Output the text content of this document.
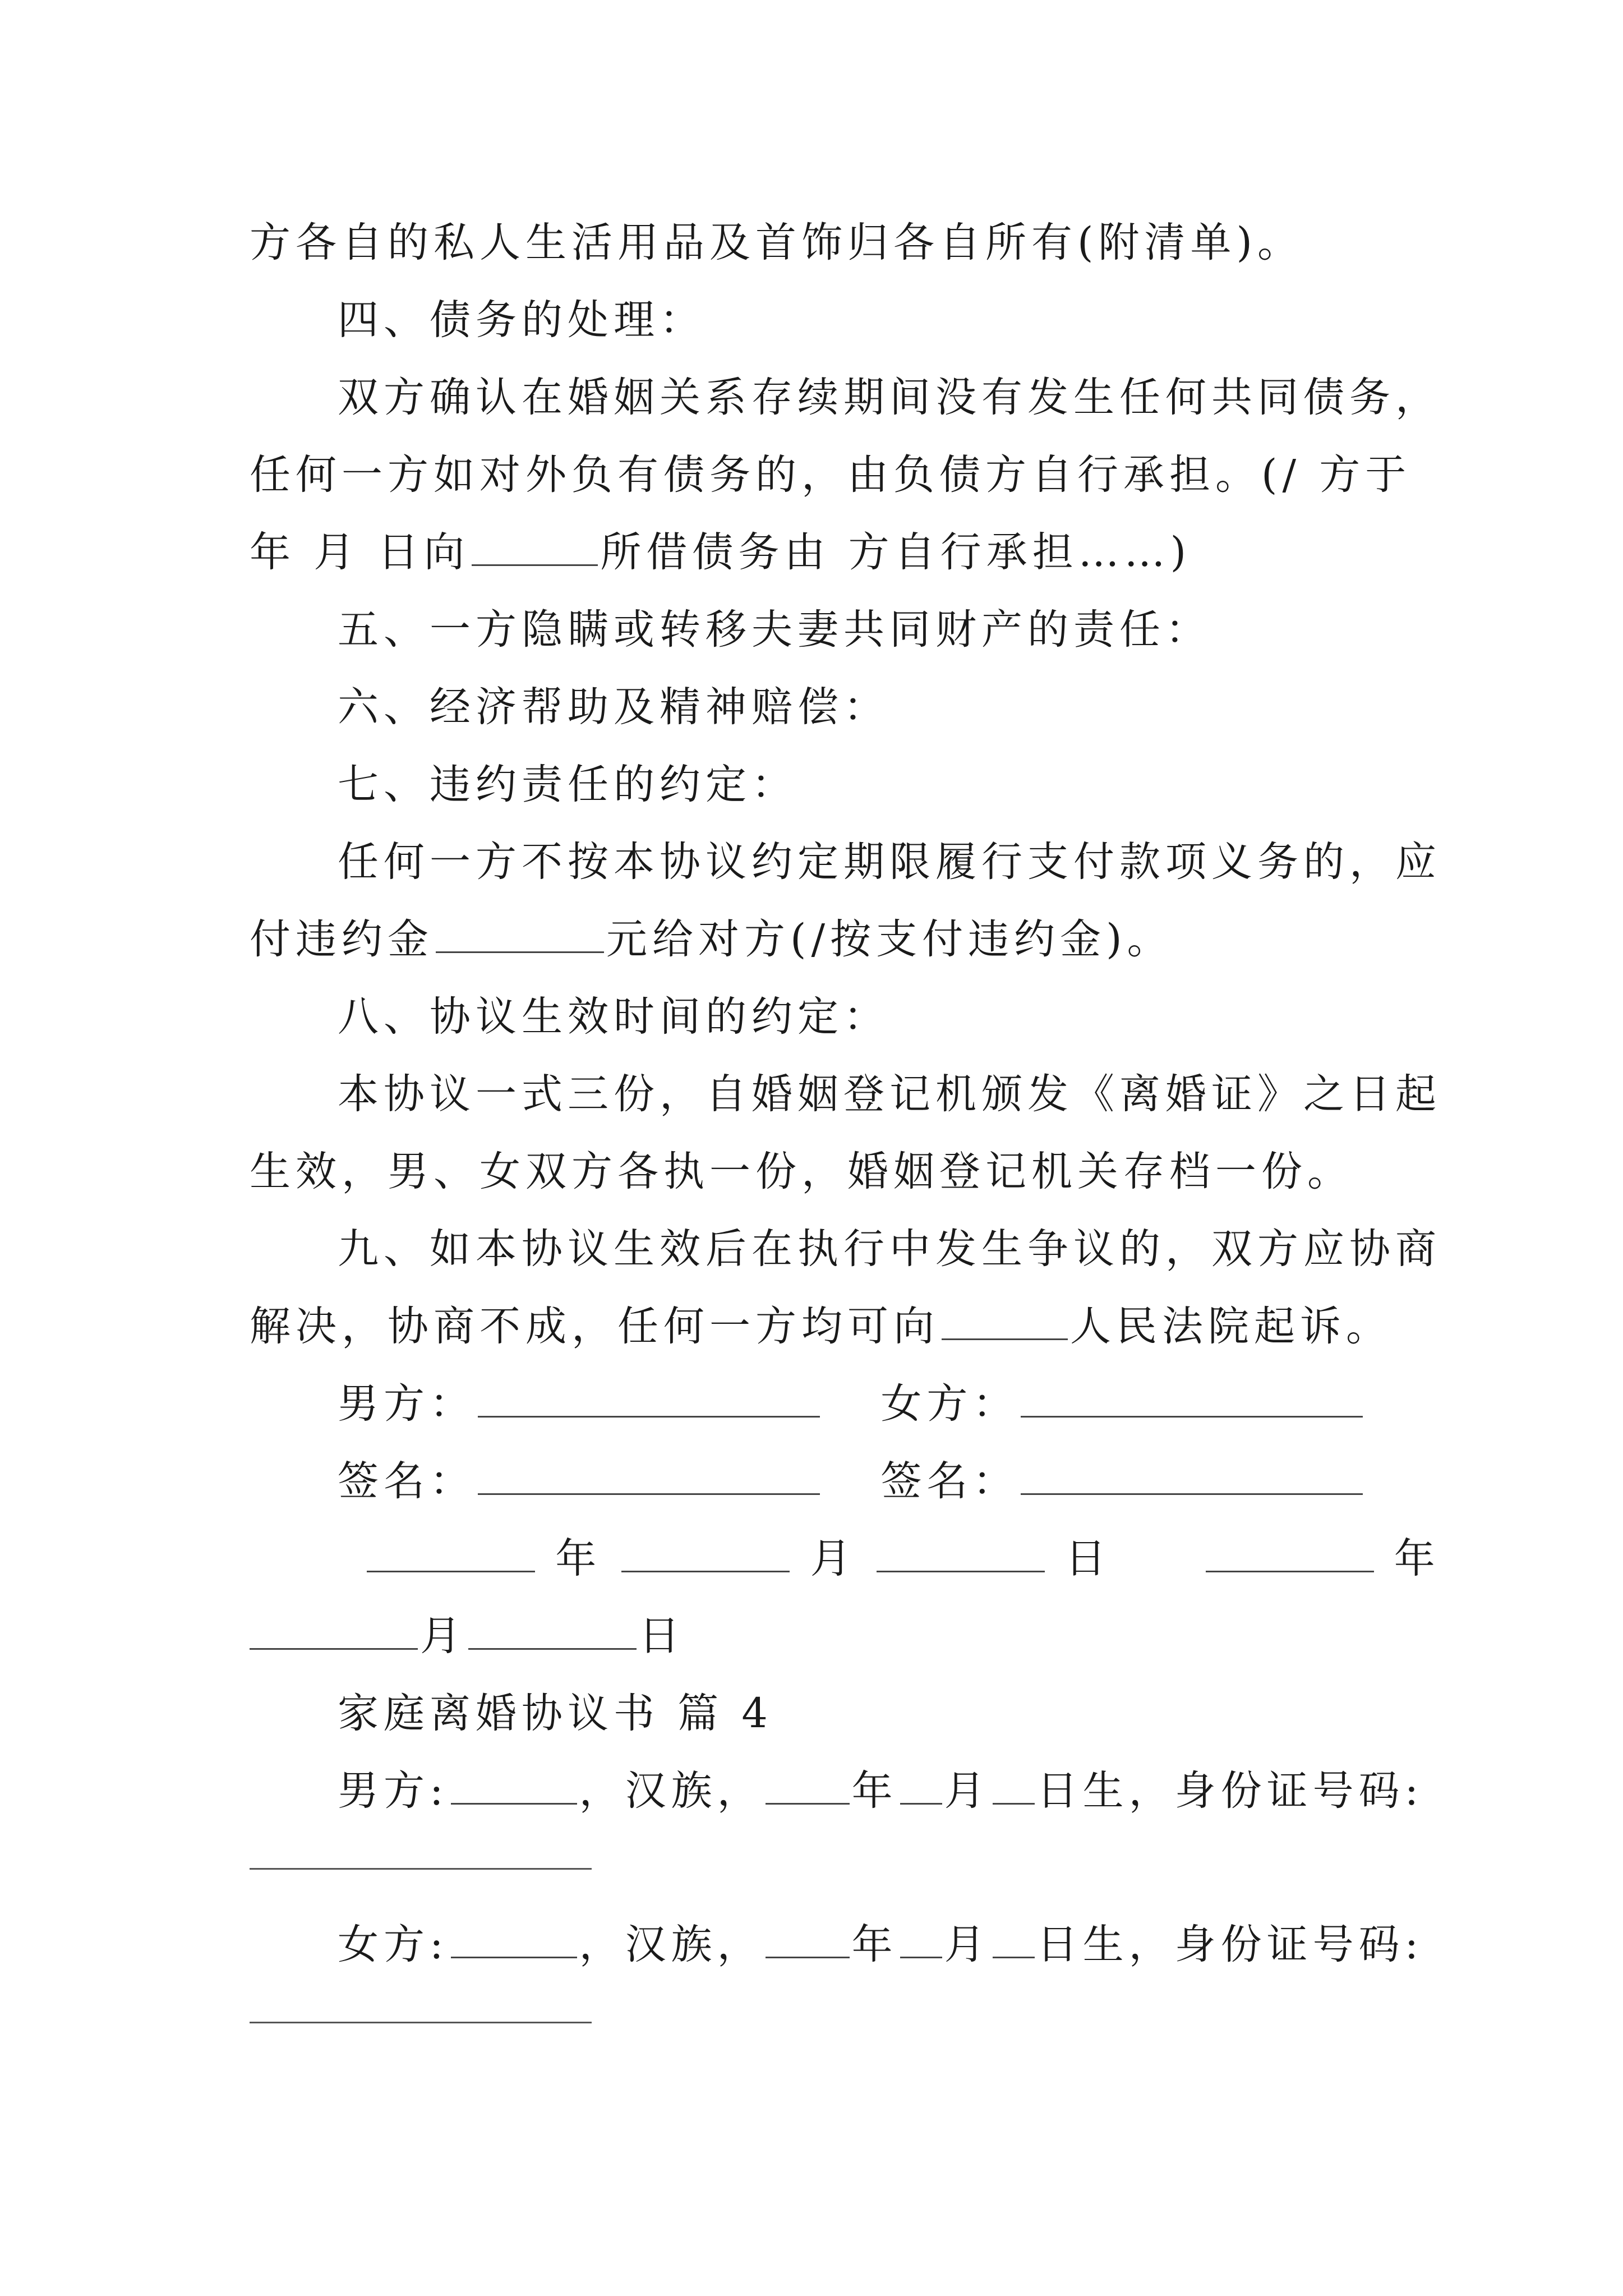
方各自的私人生活用品及首饰归各自所有(附清单)。
四、债务的处理：
双方确认在婚姻关系存续期间没有发生任何共同债务，
任何一方如对外负有债务的，由负债方自行承担。(/ 方于
年 月 日向	所借债务由 方自行承担……)
五、一方隐瞒或转移夫妻共同财产的责任：
六、经济帮助及精神赔偿：
七、违约责任的约定：
任何一方不按本协议约定期限履行支付款项义务的，应
付违约金	元给对方(/按支付违约金)。
八、协议生效时间的约定：
本协议一式三份，自婚姻登记机颁发《离婚证》之日起
生效，男、女双方各执一份，婚姻登记机关存档一份。
九、如本协议生效后在执行中发生争议的，双方应协商
解决，协商不成，任何一方均可向	人民法院起诉。
男方：	女方：
签名：	签名：
年	月	日	年
月	日
家庭离婚协议书 篇 4
男方:	，汉族， 年 月 日生，身份证号码:
女方:	，汉族， 年 月 日生，身份证号码:
